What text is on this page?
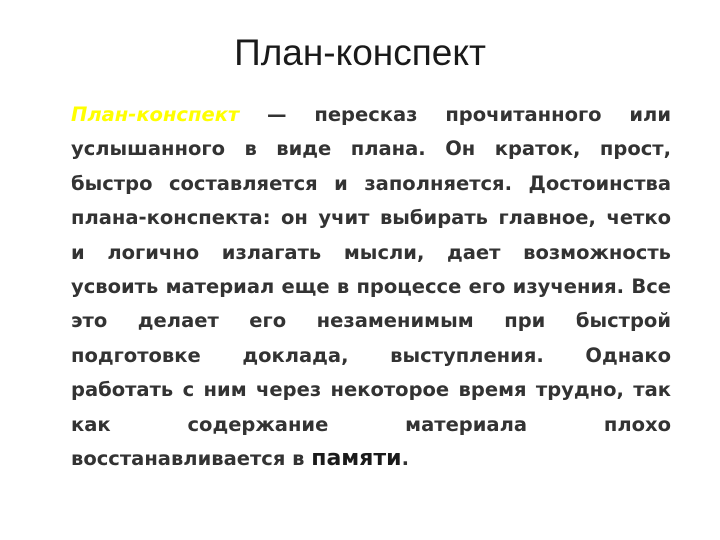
План-конспект

План-конспект — пересказ прочитанного или услышанного в виде плана. Он краток, прост, быстро составляется и заполняется. Достоинства плана-конспекта: он учит выбирать главное, четко и логично излагать мысли, дает возможность усвоить материал еще в процессе его изучения. Все это делает его незаменимым при быстрой подготовке доклада, выступления. Однако работать с ним через некоторое время трудно, так как содержание материала плохо восстанавливается в памяти.
